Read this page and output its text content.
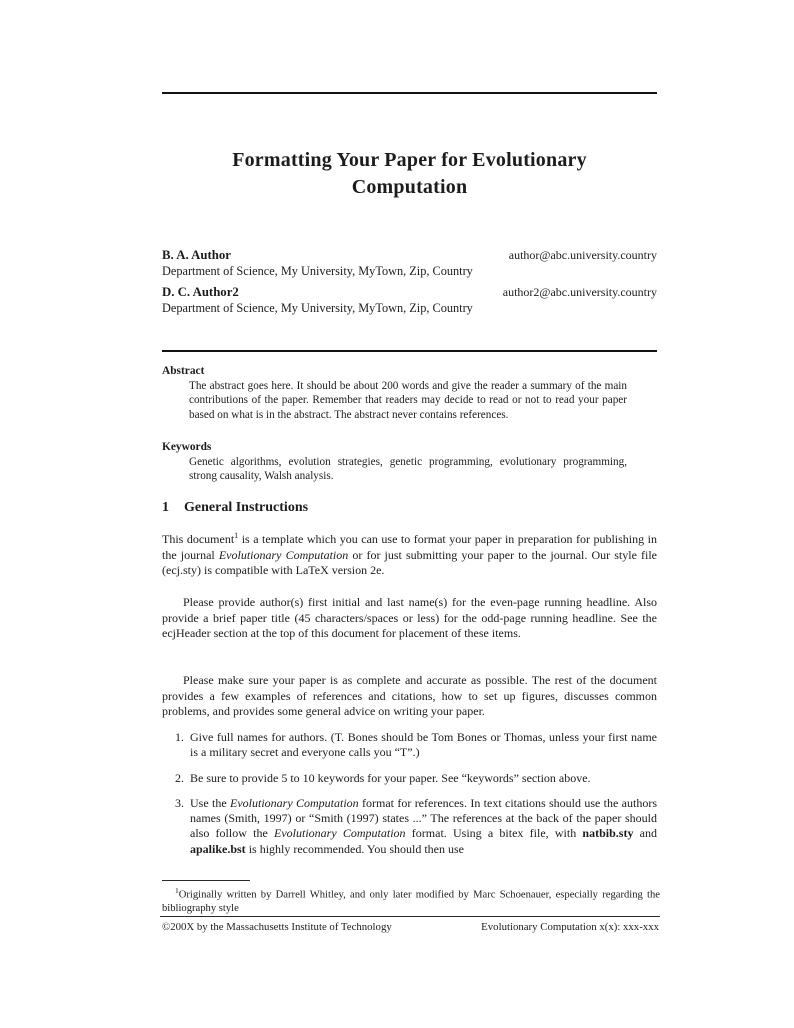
Formatting Your Paper for Evolutionary
Computation
B. A. Author	author@abc.university.country
Department of Science, My University, MyTown, Zip, Country
D. C. Author2	author2@abc.university.country
Department of Science, My University, MyTown, Zip, Country
Abstract
The abstract goes here. It should be about 200 words and give the reader a summary of the main contributions of the paper. Remember that readers may decide to read or not to read your paper based on what is in the abstract. The abstract never contains references.
Keywords
Genetic algorithms, evolution strategies, genetic programming, evolutionary programming, strong causality, Walsh analysis.
1 General Instructions
This document$^1$ is a template which you can use to format your paper in preparation for publishing in the journal Evolutionary Computation or for just submitting your paper to the journal. Our style file (ecj.sty) is compatible with LaTeX version 2e.
Please provide author(s) first initial and last name(s) for the even-page running headline. Also provide a brief paper title (45 characters/spaces or less) for the odd-page running headline. See the ecjHeader section at the top of this document for placement of these items.
Please make sure your paper is as complete and accurate as possible. The rest of the document provides a few examples of references and citations, how to set up figures, discusses common problems, and provides some general advice on writing your paper.
1. Give full names for authors. (T. Bones should be Tom Bones or Thomas, unless your first name is a military secret and everyone calls you “T”.)
2. Be sure to provide 5 to 10 keywords for your paper. See “keywords” section above.
3. Use the Evolutionary Computation format for references. In text citations should use the authors names (Smith, 1997) or “Smith (1997) states ...” The references at the back of the paper should also follow the Evolutionary Computation format. Using a bitex file, with natbib.sty and apalike.bst is highly recommended. You should then use
$^1$Originally written by Darrell Whitley, and only later modified by Marc Schoenauer, especially regarding the bibliography style
©200X by the Massachusetts Institute of Technology	Evolutionary Computation x(x): xxx-xxx
